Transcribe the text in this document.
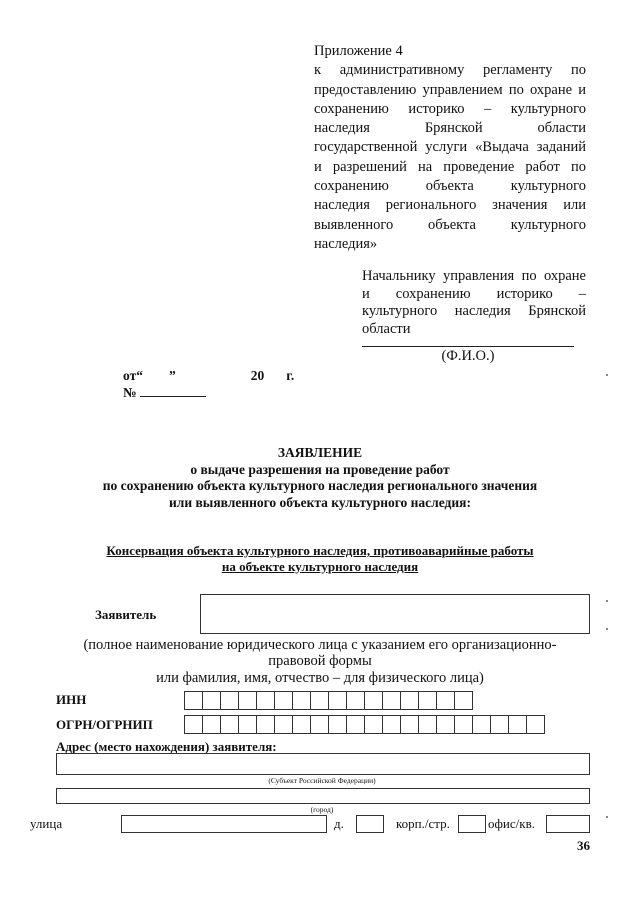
Приложение 4
к административному регламенту по
предоставлению управлением по охране и
сохранению историко – культурного
наследия Брянской области
государственной услуги «Выдача заданий
и разрешений на проведение работ по
сохранению объекта культурного
наследия регионального значения или
выявленного объекта культурного
наследия»
Начальнику управления по охране
и сохранению историко –
культурного наследия Брянской
области
(Ф.И.О.)
от“ ”	20 г.
№
ЗАЯВЛЕНИЕ
о выдаче разрешения на проведение работ
по сохранению объекта культурного наследия регионального значения
или выявленного объекта культурного наследия:
Консервация объекта культурного наследия, противоаварийные работы
на объекте культурного наследия
Заявитель
(полное наименование юридического лица с указанием его организационно-
правовой формы
или фамилия, имя, отчество – для физического лица)
ИНН
ОГРН/ОГРНИП
Адрес (место нахождения) заявителя:
(Субъект Российской Федерации)
(город)
улица	д.	корп./стр.	офис/кв.
36
